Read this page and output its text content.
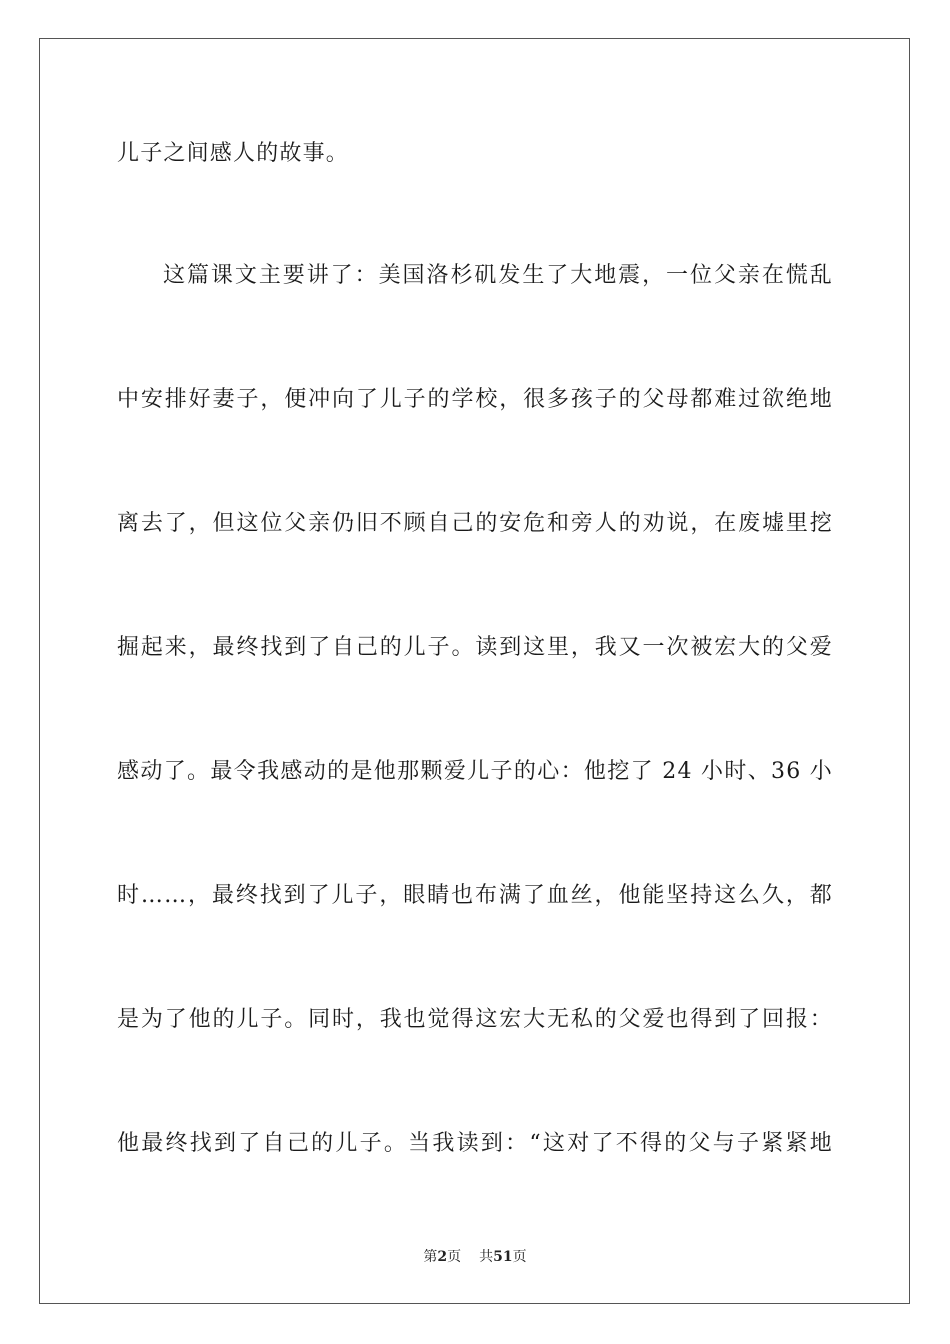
儿子之间感人的故事。
这篇课文主要讲了：美国洛杉矶发生了大地震，一位父亲在慌乱
中安排好妻子，便冲向了儿子的学校，很多孩子的父母都难过欲绝地
离去了，但这位父亲仍旧不顾自己的安危和旁人的劝说，在废墟里挖
掘起来，最终找到了自己的儿子。读到这里，我又一次被宏大的父爱
感动了。最令我感动的是他那颗爱儿子的心：他挖了 24 小时、36 小
时……，最终找到了儿子，眼睛也布满了血丝，他能坚持这么久，都
是为了他的儿子。同时，我也觉得这宏大无私的父爱也得到了回报：
他最终找到了自己的儿子。当我读到：“这对了不得的父与子紧紧地
第2页 共51页
